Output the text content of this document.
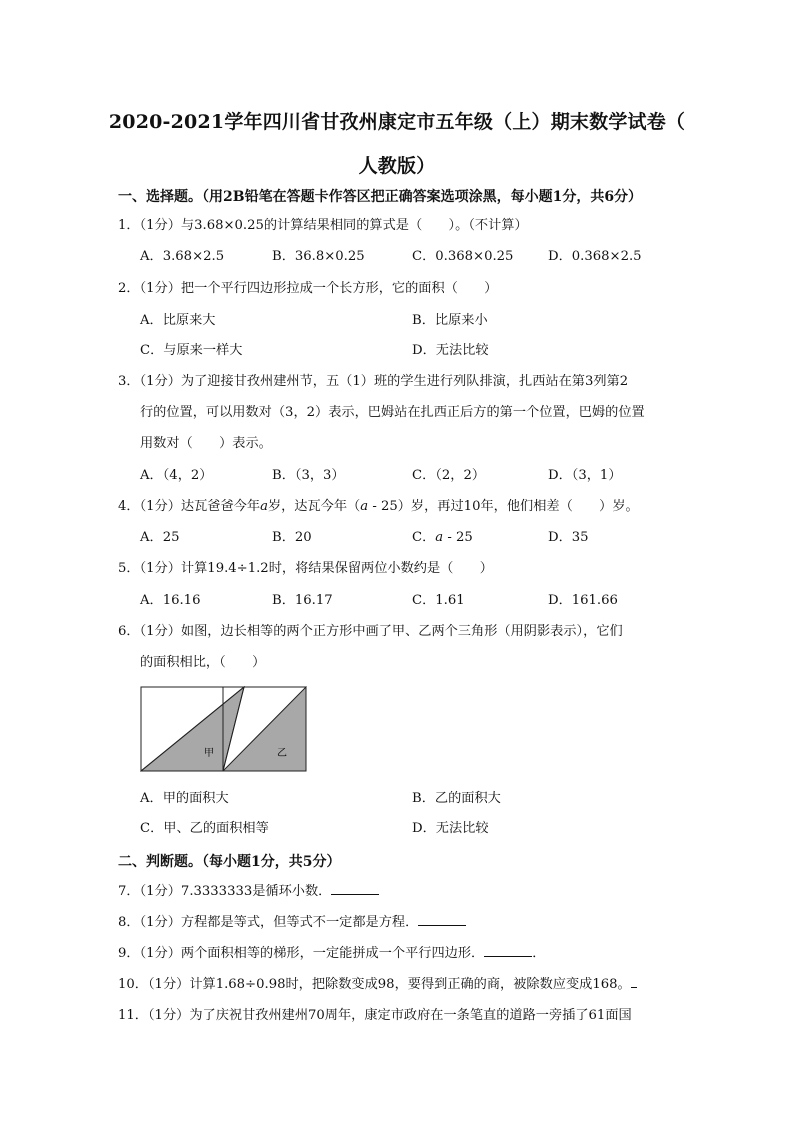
2020-2021学年四川省甘孜州康定市五年级（上）期末数学试卷（
人教版）
一、选择题。（用2B铅笔在答题卡作答区把正确答案选项涂黑，每小题1分，共6分）
1．（1分）与3.68×0.25的计算结果相同的算式是（　　）。（不计算）
A．3.68×2.5	B．36.8×0.25	C．0.368×0.25	D．0.368×2.5
2．（1分）把一个平行四边形拉成一个长方形，它的面积（　　）
A．比原来大	B．比原来小
C．与原来一样大	D．无法比较
3．（1分）为了迎接甘孜州建州节，五（1）班的学生进行列队排演，扎西站在第3列第2
行的位置，可以用数对（3，2）表示，巴姆站在扎西正后方的第一个位置，巴姆的位置
用数对（　　）表示。
A．（4，2）	B．（3，3）	C．（2，2）	D．（3，1）
4．（1分）达瓦爸爸今年a岁，达瓦今年（a - 25）岁，再过10年，他们相差（　　）岁。
A．25	B．20	C．a - 25	D．35
5．（1分）计算19.4÷1.2时，将结果保留两位小数约是（　　）
A．16.16	B．16.17	C．1.61	D．161.66
6．（1分）如图，边长相等的两个正方形中画了甲、乙两个三角形（用阴影表示），它们
的面积相比，（　　）
甲	乙
A．甲的面积大	B．乙的面积大
C．甲、乙的面积相等	D．无法比较
二、判断题。（每小题1分，共5分）
7．（1分）7.3333333是循环小数．
8．（1分）方程都是等式，但等式不一定都是方程．
9．（1分）两个面积相等的梯形，一定能拼成一个平行四边形．	．
10．（1分）计算1.68÷0.98时，把除数变成98，要得到正确的商，被除数应变成168。
11．（1分）为了庆祝甘孜州建州70周年，康定市政府在一条笔直的道路一旁插了61面国
